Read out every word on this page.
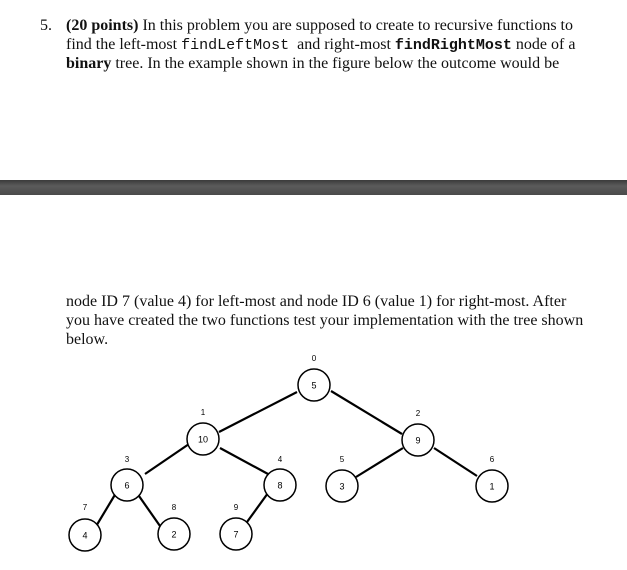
5. (20 points) In this problem you are supposed to create to recursive functions to
find the left-most findLeftMost  and right-most findRightMost node of a
binary tree. In the example shown in the figure below the outcome would be
node ID 7 (value 4) for left-most and node ID 6 (value 1) for right-most. After
you have created the two functions test your implementation with the tree shown
below.
5
0
10
1
9
2
6
3
8
4
3
5
1
6
4
7
2
8
7
9
